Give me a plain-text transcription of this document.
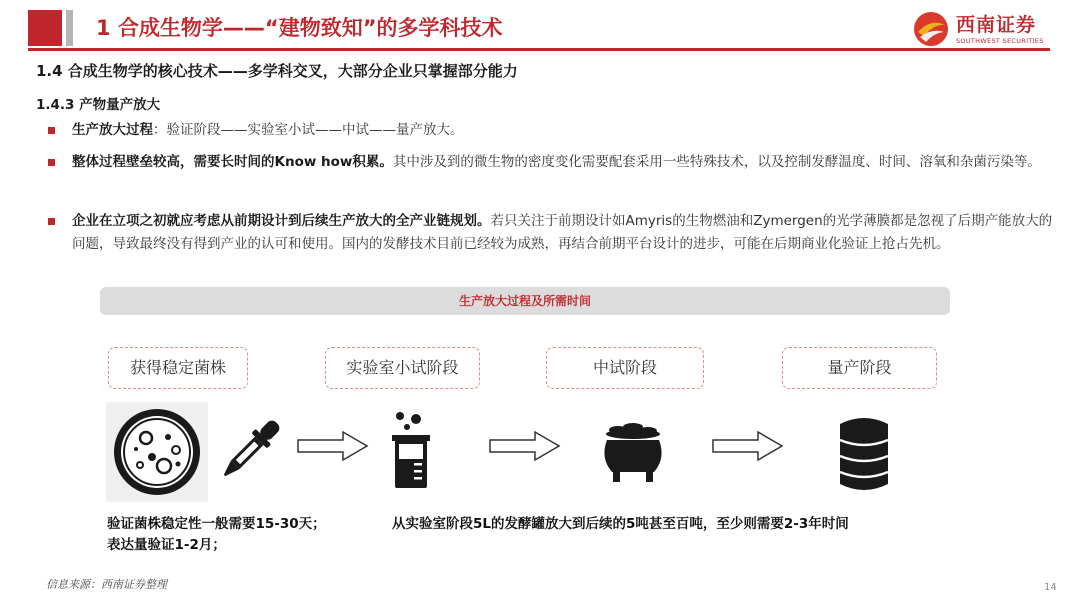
1 合成生物学——“建物致知”的多学科技术	西南证券
SOUTHWEST SECURITIES
1.4 合成生物学的核心技术——多学科交叉，大部分企业只掌握部分能力
1.4.3 产物量产放大
生产放大过程：验证阶段——实验室小试——中试——量产放大。
整体过程壁垒较高，需要长时间的Know how积累。其中涉及到的微生物的密度变化需要配套采用一些特殊技术，以及控制发酵温度、时间、溶氧和杂菌污染等。
企业在立项之初就应考虑从前期设计到后续生产放大的全产业链规划。若只关注于前期设计如Amyris的生物燃油和Zymergen的光学薄膜都是忽视了后期产能放大的问题，导致最终没有得到产业的认可和使用。国内的发酵技术目前已经较为成熟，再结合前期平台设计的进步，可能在后期商业化验证上抢占先机。
生产放大过程及所需时间
获得稳定菌株	实验室小试阶段	中试阶段	量产阶段
验证菌株稳定性一般需要15-30天；
表达量验证1-2月；
从实验室阶段5L的发酵罐放大到后续的5吨甚至百吨，至少则需要2-3年时间
信息来源：西南证券整理	14
